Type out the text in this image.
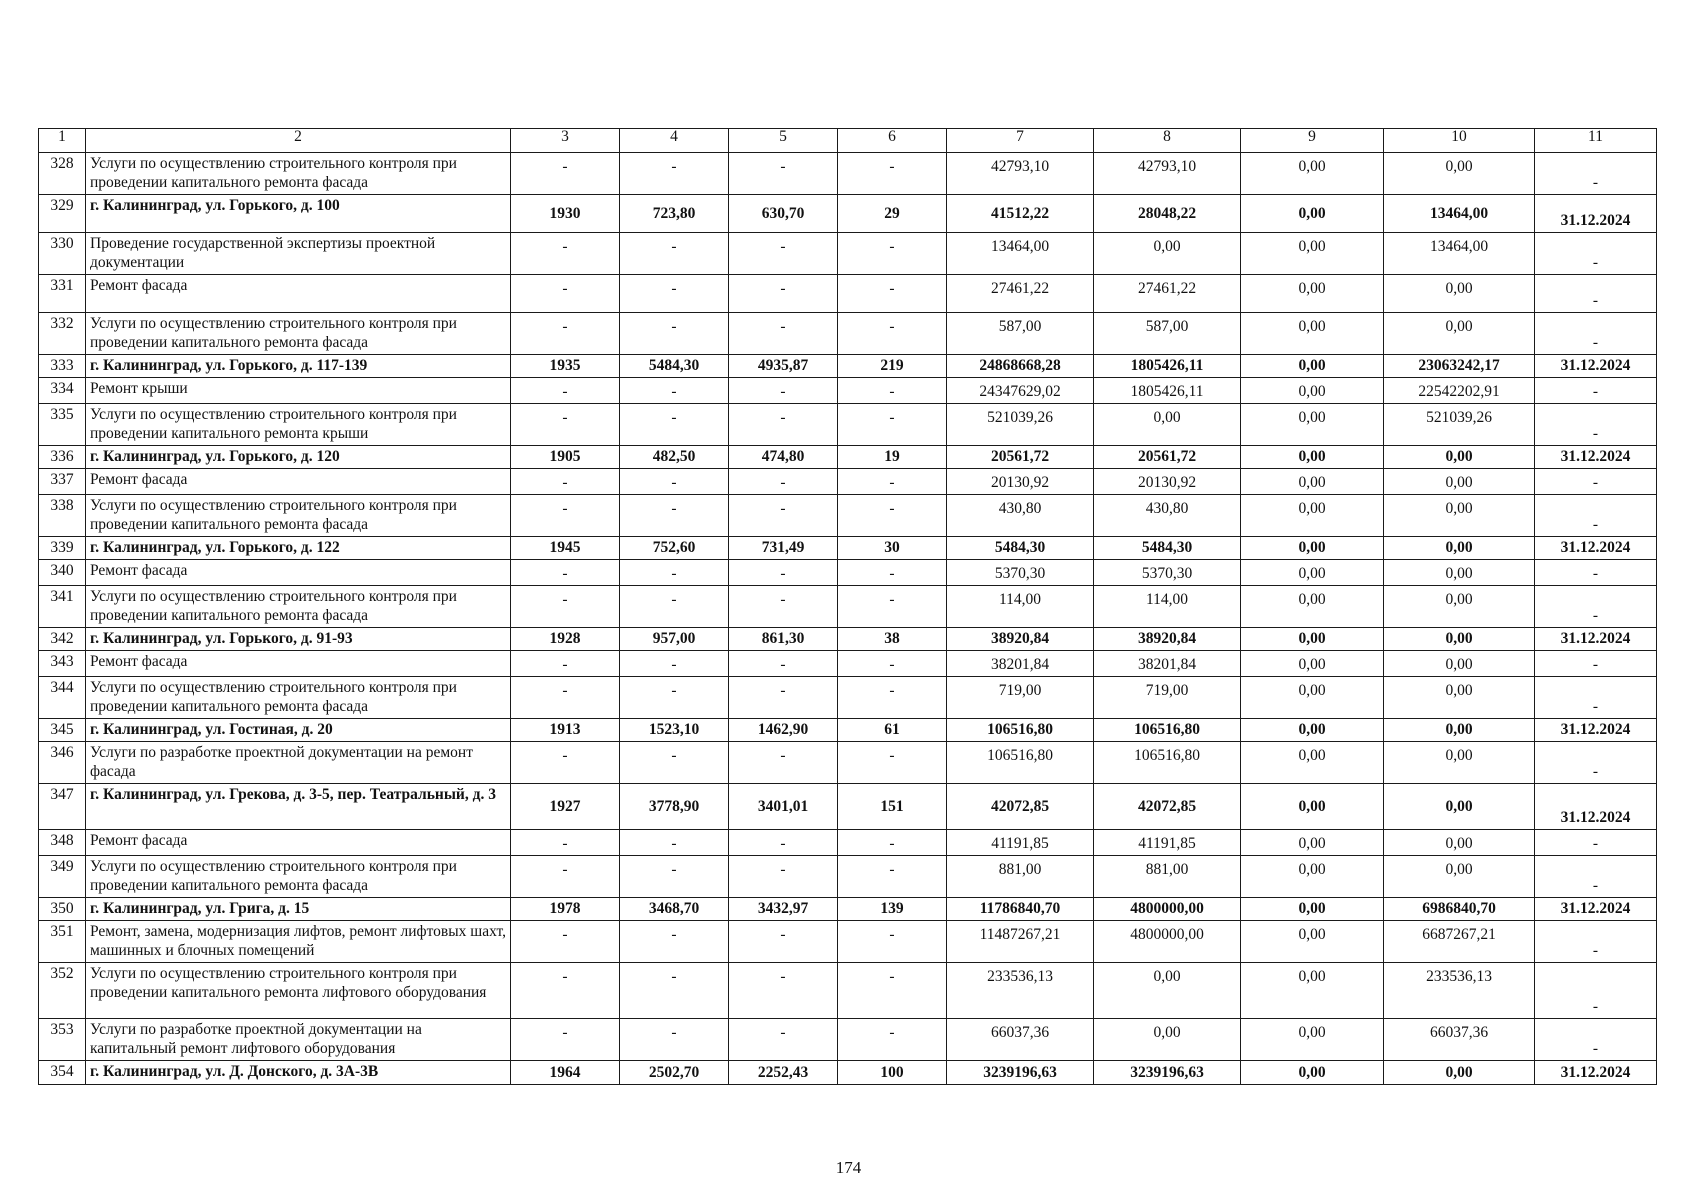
1	2	3	4	5	6	7	8	9	10	11
328	Услуги по осуществлению строительного контроля при проведении капитального ремонта фасада	-	-	-	-	42793,10	42793,10	0,00	0,00	-
329	г. Калининград, ул. Горького, д. 100	1930	723,80	630,70	29	41512,22	28048,22	0,00	13464,00	31.12.2024
330	Проведение государственной экспертизы проектной документации	-	-	-	-	13464,00	0,00	0,00	13464,00	-
331	Ремонт фасада	-	-	-	-	27461,22	27461,22	0,00	0,00	-
332	Услуги по осуществлению строительного контроля при проведении капитального ремонта фасада	-	-	-	-	587,00	587,00	0,00	0,00	-
333	г. Калининград, ул. Горького, д. 117-139	1935	5484,30	4935,87	219	24868668,28	1805426,11	0,00	23063242,17	31.12.2024
334	Ремонт крыши	-	-	-	-	24347629,02	1805426,11	0,00	22542202,91	-
335	Услуги по осуществлению строительного контроля при проведении капитального ремонта крыши	-	-	-	-	521039,26	0,00	0,00	521039,26	-
336	г. Калининград, ул. Горького, д. 120	1905	482,50	474,80	19	20561,72	20561,72	0,00	0,00	31.12.2024
337	Ремонт фасада	-	-	-	-	20130,92	20130,92	0,00	0,00	-
338	Услуги по осуществлению строительного контроля при проведении капитального ремонта фасада	-	-	-	-	430,80	430,80	0,00	0,00	-
339	г. Калининград, ул. Горького, д. 122	1945	752,60	731,49	30	5484,30	5484,30	0,00	0,00	31.12.2024
340	Ремонт фасада	-	-	-	-	5370,30	5370,30	0,00	0,00	-
341	Услуги по осуществлению строительного контроля при проведении капитального ремонта фасада	-	-	-	-	114,00	114,00	0,00	0,00	-
342	г. Калининград, ул. Горького, д. 91-93	1928	957,00	861,30	38	38920,84	38920,84	0,00	0,00	31.12.2024
343	Ремонт фасада	-	-	-	-	38201,84	38201,84	0,00	0,00	-
344	Услуги по осуществлению строительного контроля при проведении капитального ремонта фасада	-	-	-	-	719,00	719,00	0,00	0,00	-
345	г. Калининград, ул. Гостиная, д. 20	1913	1523,10	1462,90	61	106516,80	106516,80	0,00	0,00	31.12.2024
346	Услуги по разработке проектной документации на ремонт фасада	-	-	-	-	106516,80	106516,80	0,00	0,00	-
347	г. Калининград, ул. Грекова, д. 3-5, пер. Театральный, д. 3	1927	3778,90	3401,01	151	42072,85	42072,85	0,00	0,00	31.12.2024
348	Ремонт фасада	-	-	-	-	41191,85	41191,85	0,00	0,00	-
349	Услуги по осуществлению строительного контроля при проведении капитального ремонта фасада	-	-	-	-	881,00	881,00	0,00	0,00	-
350	г. Калининград, ул. Грига, д. 15	1978	3468,70	3432,97	139	11786840,70	4800000,00	0,00	6986840,70	31.12.2024
351	Ремонт, замена, модернизация лифтов, ремонт лифтовых шахт, машинных и блочных помещений	-	-	-	-	11487267,21	4800000,00	0,00	6687267,21	-
352	Услуги по осуществлению строительного контроля при проведении капитального ремонта лифтового оборудования	-	-	-	-	233536,13	0,00	0,00	233536,13	-
353	Услуги по разработке проектной документации на капитальный ремонт лифтового оборудования	-	-	-	-	66037,36	0,00	0,00	66037,36	-
354	г. Калининград, ул. Д. Донского, д. 3А-3В	1964	2502,70	2252,43	100	3239196,63	3239196,63	0,00	0,00	31.12.2024
174
